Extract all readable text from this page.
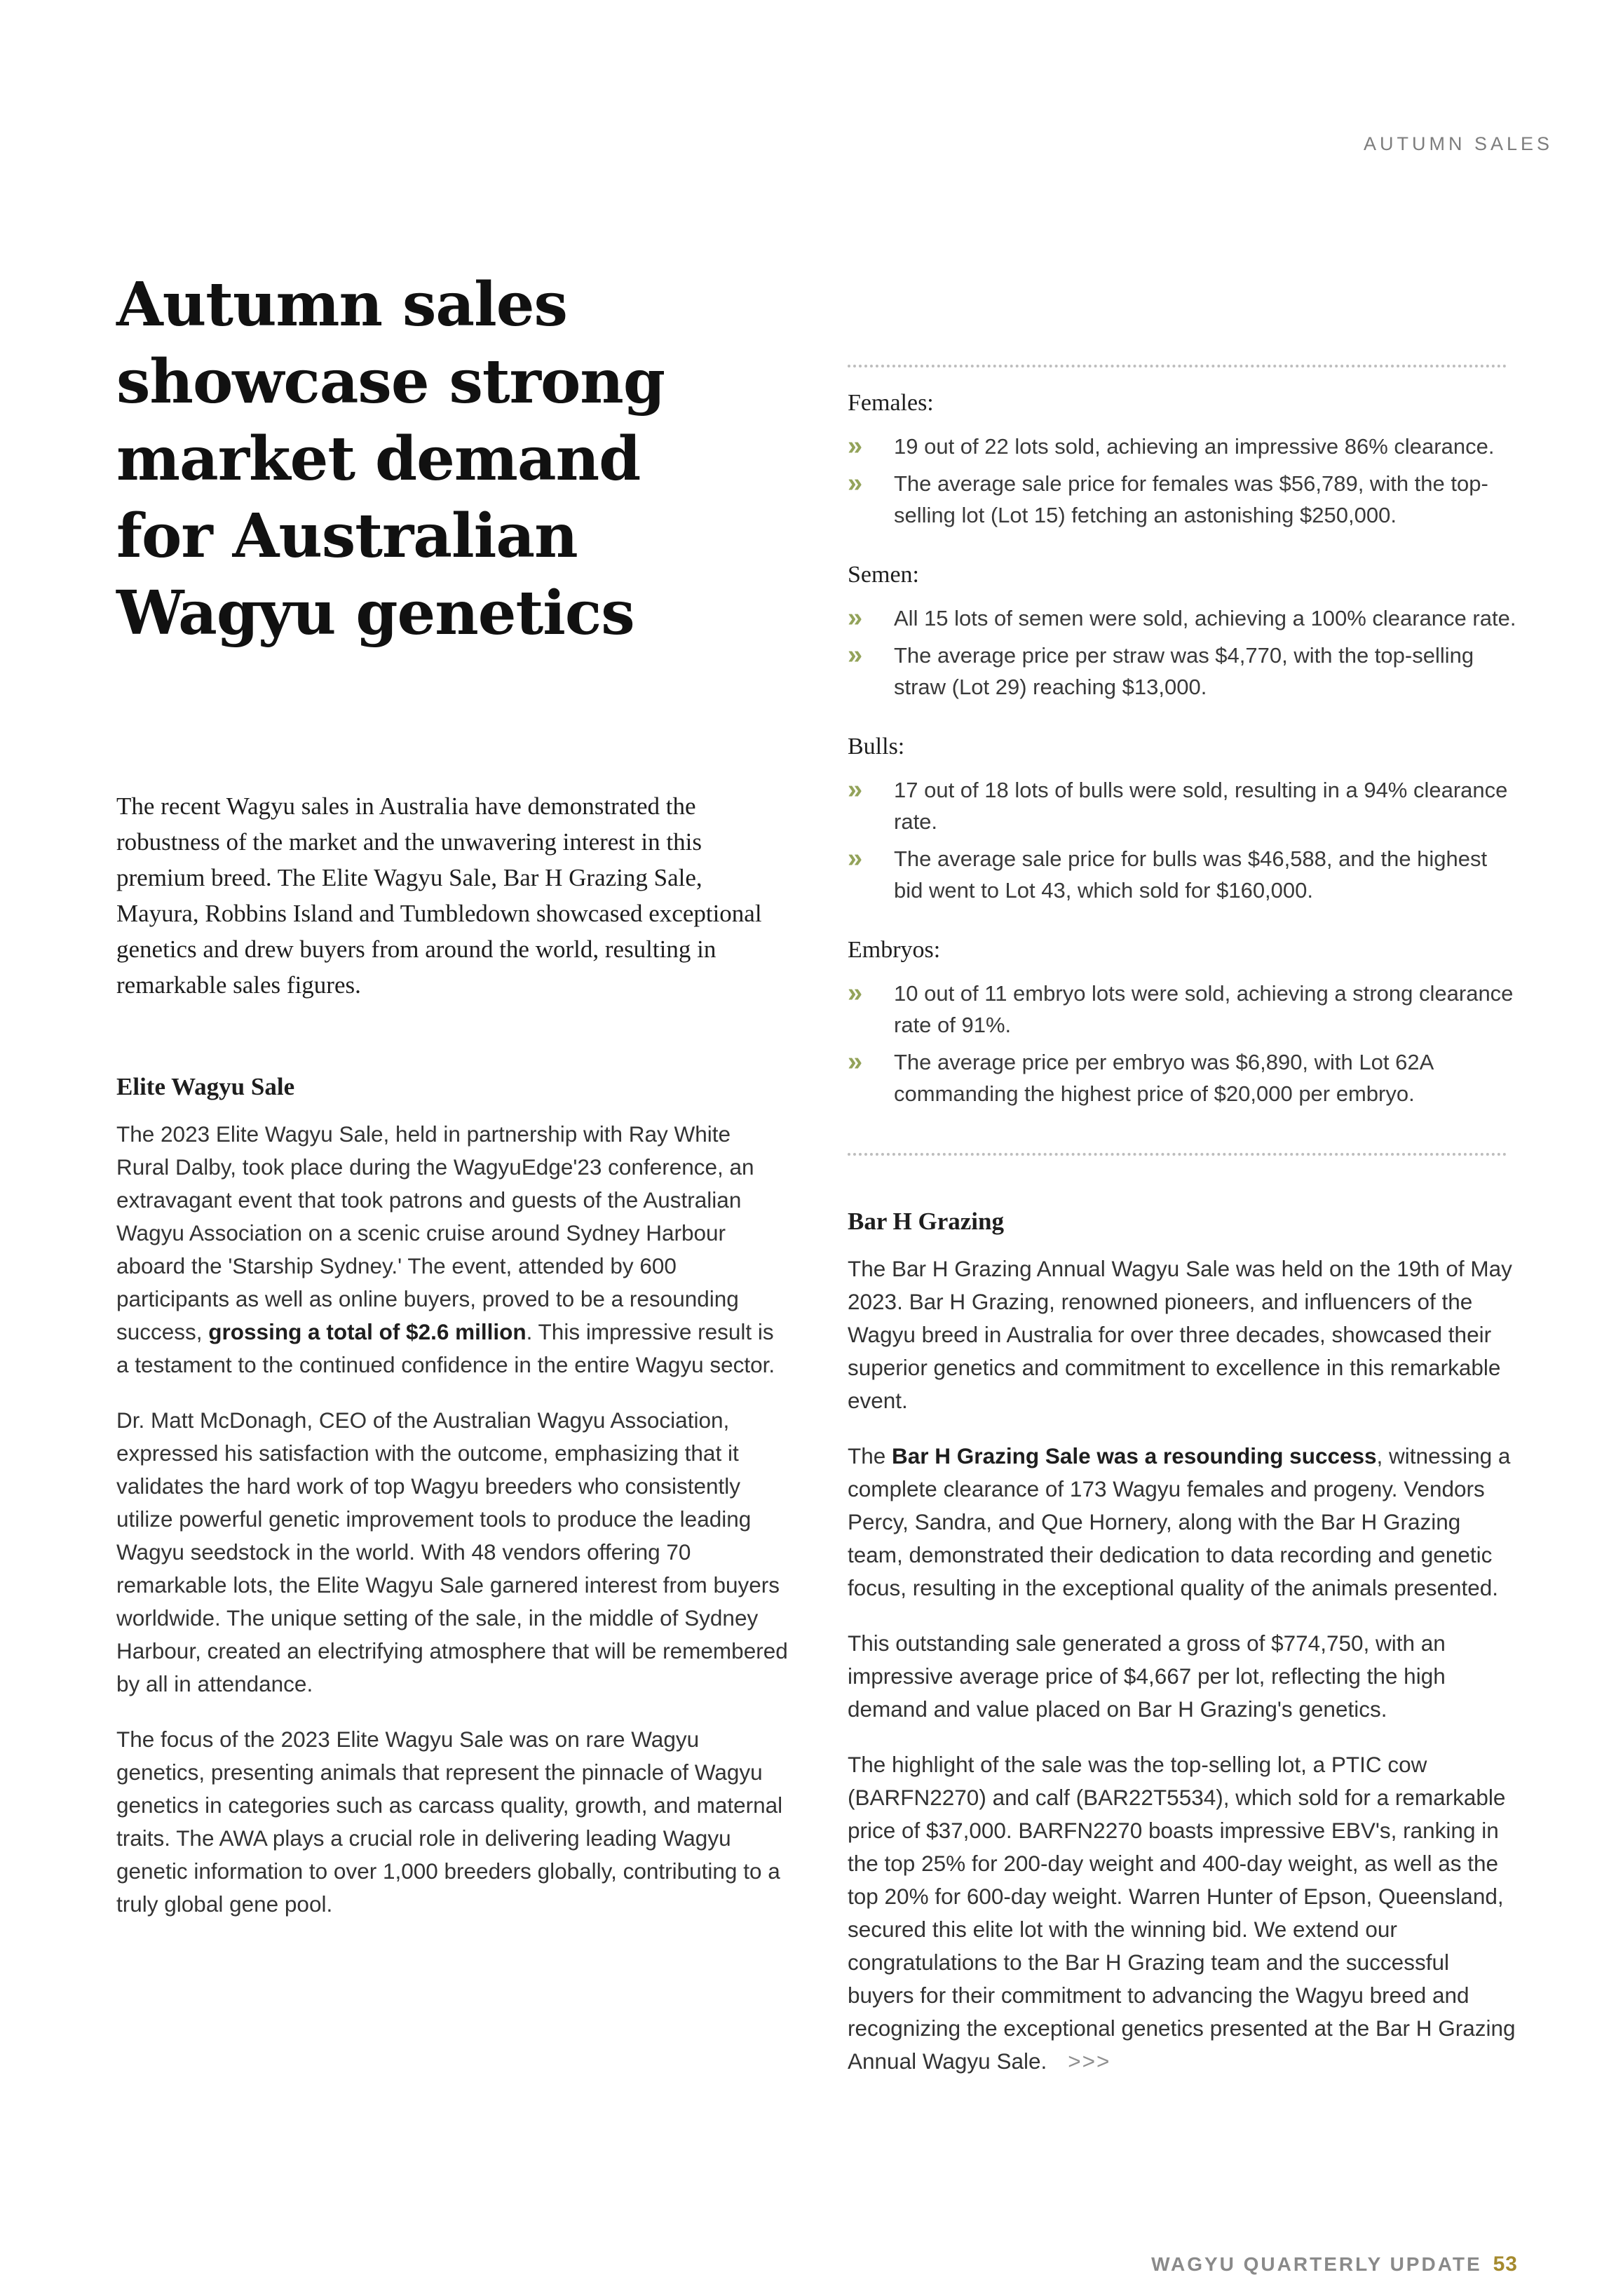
AUTUMN SALES
Autumn sales
showcase strong
market demand
for Australian
Wagyu genetics

The recent Wagyu sales in Australia have demonstrated the robustness of the market and the unwavering interest in this premium breed. The Elite Wagyu Sale, Bar H Grazing Sale, Mayura, Robbins Island and Tumbledown showcased exceptional genetics and drew buyers from around the world, resulting in remarkable sales figures.

Elite Wagyu Sale

The 2023 Elite Wagyu Sale, held in partnership with Ray White Rural Dalby, took place during the WagyuEdge'23 conference, an extravagant event that took patrons and guests of the Australian Wagyu Association on a scenic cruise around Sydney Harbour aboard the 'Starship Sydney.' The event, attended by 600 participants as well as online buyers, proved to be a resounding success, grossing a total of $2.6 million. This impressive result is a testament to the continued confidence in the entire Wagyu sector.

Dr. Matt McDonagh, CEO of the Australian Wagyu Association, expressed his satisfaction with the outcome, emphasizing that it validates the hard work of top Wagyu breeders who consistently utilize powerful genetic improvement tools to produce the leading Wagyu seedstock in the world. With 48 vendors offering 70 remarkable lots, the Elite Wagyu Sale garnered interest from buyers worldwide. The unique setting of the sale, in the middle of Sydney Harbour, created an electrifying atmosphere that will be remembered by all in attendance.

The focus of the 2023 Elite Wagyu Sale was on rare Wagyu genetics, presenting animals that represent the pinnacle of Wagyu genetics in categories such as carcass quality, growth, and maternal traits. The AWA plays a crucial role in delivering leading Wagyu genetic information to over 1,000 breeders globally, contributing to a truly global gene pool.

Females:
» 19 out of 22 lots sold, achieving an impressive 86% clearance.
» The average sale price for females was $56,789, with the top-selling lot (Lot 15) fetching an astonishing $250,000.
Semen:
» All 15 lots of semen were sold, achieving a 100% clearance rate.
» The average price per straw was $4,770, with the top-selling straw (Lot 29) reaching $13,000.
Bulls:
» 17 out of 18 lots of bulls were sold, resulting in a 94% clearance rate.
» The average sale price for bulls was $46,588, and the highest bid went to Lot 43, which sold for $160,000.
Embryos:
» 10 out of 11 embryo lots were sold, achieving a strong clearance rate of 91%.
» The average price per embryo was $6,890, with Lot 62A commanding the highest price of $20,000 per embryo.
Bar H Grazing

The Bar H Grazing Annual Wagyu Sale was held on the 19th of May 2023. Bar H Grazing, renowned pioneers, and influencers of the Wagyu breed in Australia for over three decades, showcased their superior genetics and commitment to excellence in this remarkable event.

The Bar H Grazing Sale was a resounding success, witnessing a complete clearance of 173 Wagyu females and progeny. Vendors Percy, Sandra, and Que Hornery, along with the Bar H Grazing team, demonstrated their dedication to data recording and genetic focus, resulting in the exceptional quality of the animals presented.

This outstanding sale generated a gross of $774,750, with an impressive average price of $4,667 per lot, reflecting the high demand and value placed on Bar H Grazing's genetics.

The highlight of the sale was the top-selling lot, a PTIC cow (BARFN2270) and calf (BAR22T5534), which sold for a remarkable price of $37,000. BARFN2270 boasts impressive EBV's, ranking in the top 25% for 200-day weight and 400-day weight, as well as the top 20% for 600-day weight. Warren Hunter of Epson, Queensland, secured this elite lot with the winning bid. We extend our congratulations to the Bar H Grazing team and the successful buyers for their commitment to advancing the Wagyu breed and recognizing the exceptional genetics presented at the Bar H Grazing Annual Wagyu Sale. >>>

WAGYU QUARTERLY UPDATE 53
